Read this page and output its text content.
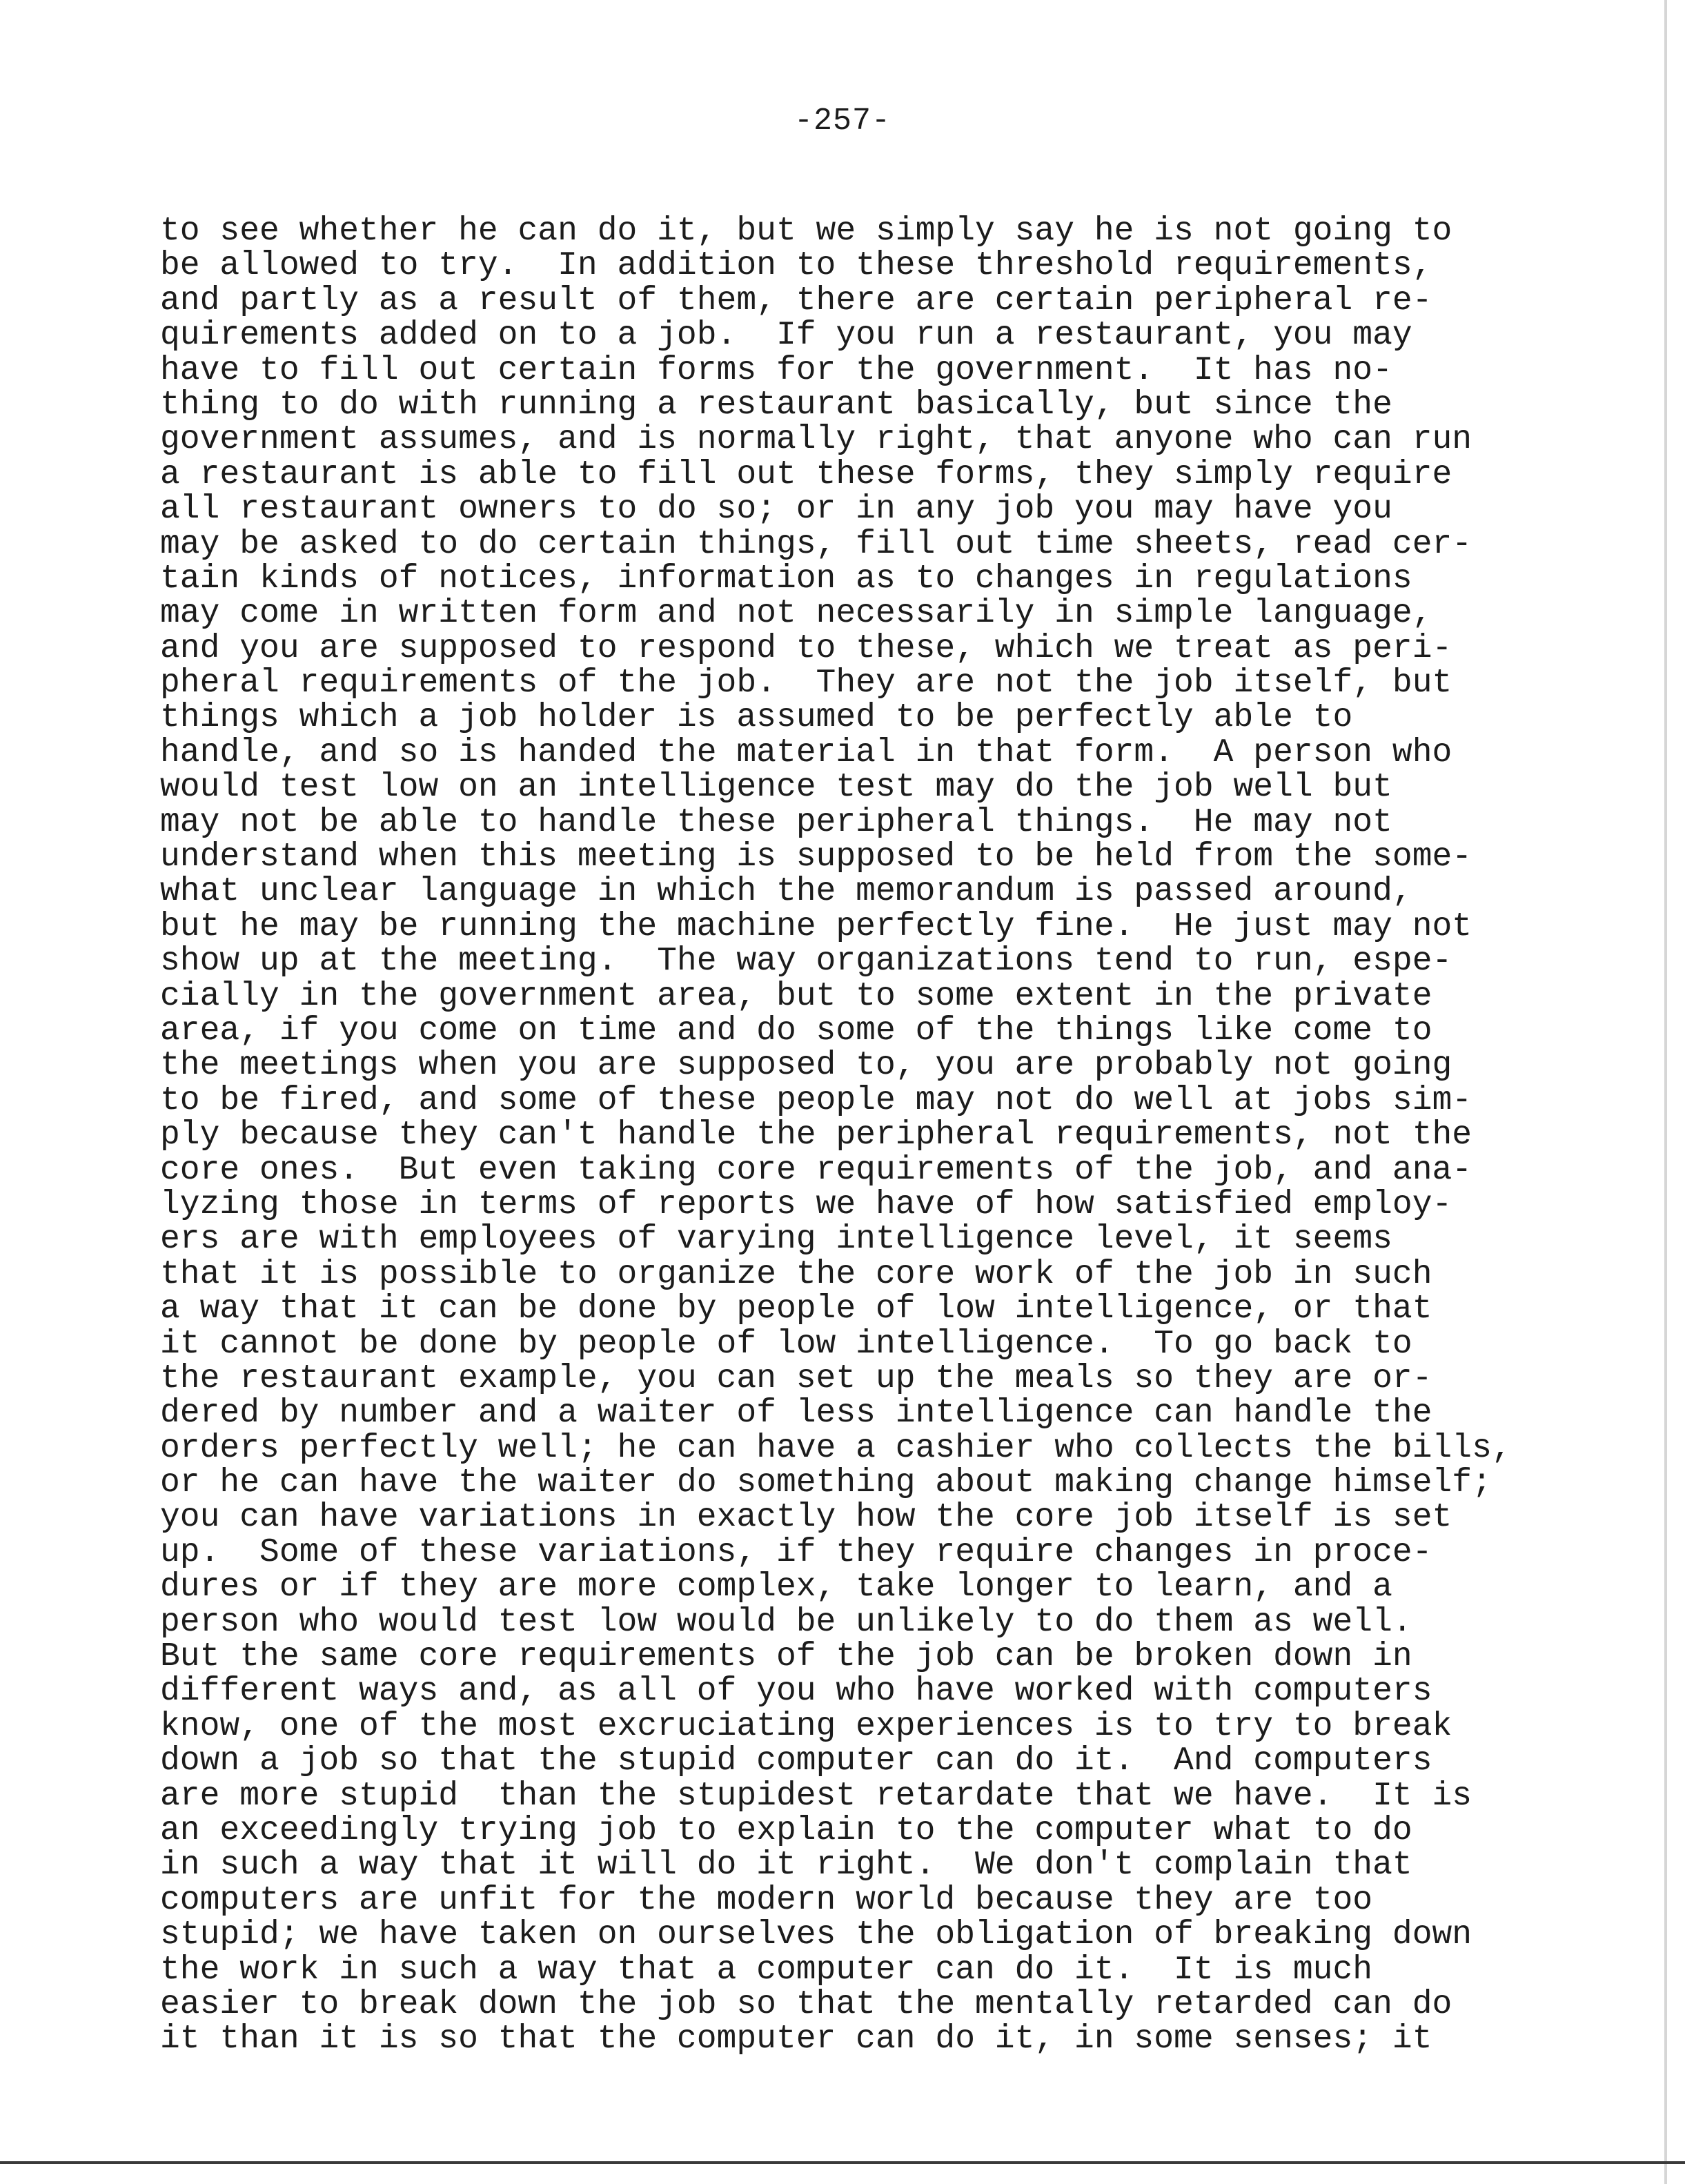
-257-
to see whether he can do it, but we simply say he is not going to
be allowed to try.  In addition to these threshold requirements,
and partly as a result of them, there are certain peripheral re-
quirements added on to a job.  If you run a restaurant, you may
have to fill out certain forms for the government.  It has no-
thing to do with running a restaurant basically, but since the
government assumes, and is normally right, that anyone who can run
a restaurant is able to fill out these forms, they simply require
all restaurant owners to do so; or in any job you may have you
may be asked to do certain things, fill out time sheets, read cer-
tain kinds of notices, information as to changes in regulations
may come in written form and not necessarily in simple language,
and you are supposed to respond to these, which we treat as peri-
pheral requirements of the job.  They are not the job itself, but
things which a job holder is assumed to be perfectly able to
handle, and so is handed the material in that form.  A person who
would test low on an intelligence test may do the job well but
may not be able to handle these peripheral things.  He may not
understand when this meeting is supposed to be held from the some-
what unclear language in which the memorandum is passed around,
but he may be running the machine perfectly fine.  He just may not
show up at the meeting.  The way organizations tend to run, espe-
cially in the government area, but to some extent in the private
area, if you come on time and do some of the things like come to
the meetings when you are supposed to, you are probably not going
to be fired, and some of these people may not do well at jobs sim-
ply because they can't handle the peripheral requirements, not the
core ones.  But even taking core requirements of the job, and ana-
lyzing those in terms of reports we have of how satisfied employ-
ers are with employees of varying intelligence level, it seems
that it is possible to organize the core work of the job in such
a way that it can be done by people of low intelligence, or that
it cannot be done by people of low intelligence.  To go back to
the restaurant example, you can set up the meals so they are or-
dered by number and a waiter of less intelligence can handle the
orders perfectly well; he can have a cashier who collects the bills,
or he can have the waiter do something about making change himself;
you can have variations in exactly how the core job itself is set
up.  Some of these variations, if they require changes in proce-
dures or if they are more complex, take longer to learn, and a
person who would test low would be unlikely to do them as well.
But the same core requirements of the job can be broken down in
different ways and, as all of you who have worked with computers
know, one of the most excruciating experiences is to try to break
down a job so that the stupid computer can do it.  And computers
are more stupid  than the stupidest retardate that we have.  It is
an exceedingly trying job to explain to the computer what to do
in such a way that it will do it right.  We don't complain that
computers are unfit for the modern world because they are too
stupid; we have taken on ourselves the obligation of breaking down
the work in such a way that a computer can do it.  It is much
easier to break down the job so that the mentally retarded can do
it than it is so that the computer can do it, in some senses; it
